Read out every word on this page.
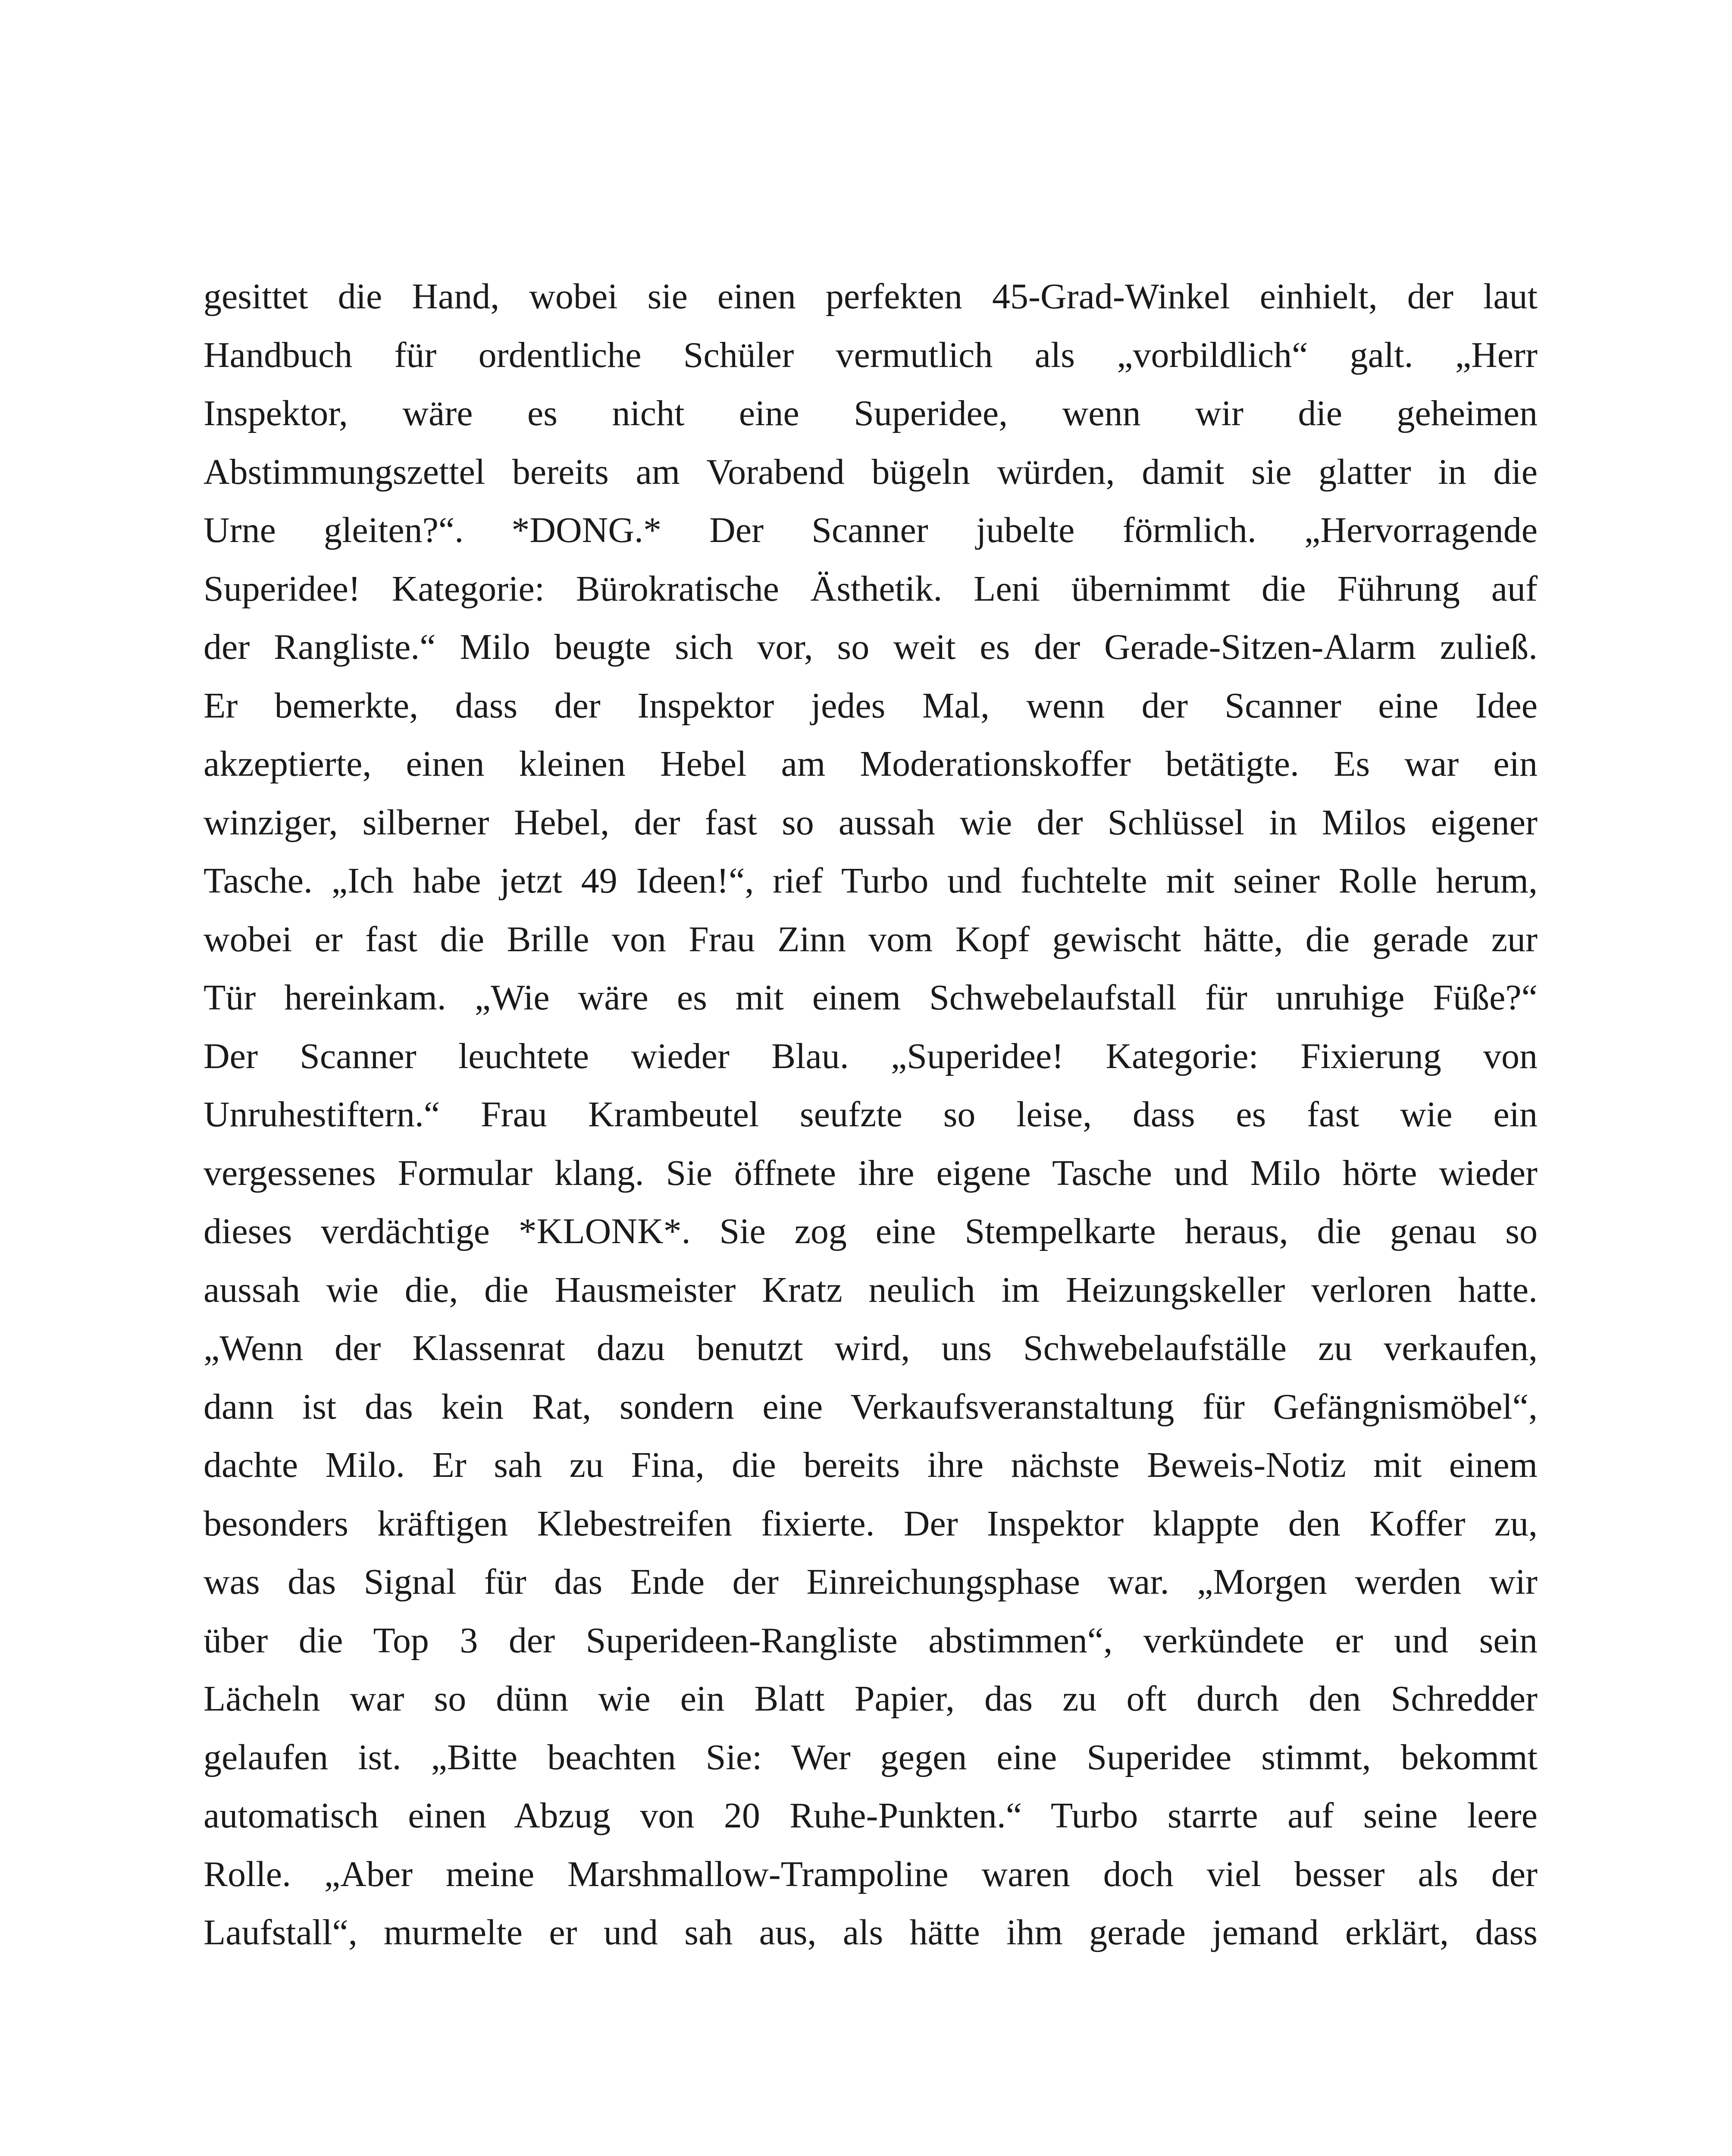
gesittet die Hand, wobei sie einen perfekten 45-Grad-Winkel einhielt, der laut
Handbuch für ordentliche Schüler vermutlich als „vorbildlich“ galt. „Herr
Inspektor, wäre es nicht eine Superidee, wenn wir die geheimen
Abstimmungszettel bereits am Vorabend bügeln würden, damit sie glatter in die
Urne gleiten?“. *DONG.* Der Scanner jubelte förmlich. „Hervorragende
Superidee! Kategorie: Bürokratische Ästhetik. Leni übernimmt die Führung auf
der Rangliste.“ Milo beugte sich vor, so weit es der Gerade-Sitzen-Alarm zuließ.
Er bemerkte, dass der Inspektor jedes Mal, wenn der Scanner eine Idee
akzeptierte, einen kleinen Hebel am Moderationskoffer betätigte. Es war ein
winziger, silberner Hebel, der fast so aussah wie der Schlüssel in Milos eigener
Tasche. „Ich habe jetzt 49 Ideen!“, rief Turbo und fuchtelte mit seiner Rolle herum,
wobei er fast die Brille von Frau Zinn vom Kopf gewischt hätte, die gerade zur
Tür hereinkam. „Wie wäre es mit einem Schwebelaufstall für unruhige Füße?“
Der Scanner leuchtete wieder Blau. „Superidee! Kategorie: Fixierung von
Unruhestiftern.“ Frau Krambeutel seufzte so leise, dass es fast wie ein
vergessenes Formular klang. Sie öffnete ihre eigene Tasche und Milo hörte wieder
dieses verdächtige *KLONK*. Sie zog eine Stempelkarte heraus, die genau so
aussah wie die, die Hausmeister Kratz neulich im Heizungskeller verloren hatte.
„Wenn der Klassenrat dazu benutzt wird, uns Schwebelaufställe zu verkaufen,
dann ist das kein Rat, sondern eine Verkaufsveranstaltung für Gefängnismöbel“,
dachte Milo. Er sah zu Fina, die bereits ihre nächste Beweis-Notiz mit einem
besonders kräftigen Klebestreifen fixierte. Der Inspektor klappte den Koffer zu,
was das Signal für das Ende der Einreichungsphase war. „Morgen werden wir
über die Top 3 der Superideen-Rangliste abstimmen“, verkündete er und sein
Lächeln war so dünn wie ein Blatt Papier, das zu oft durch den Schredder
gelaufen ist. „Bitte beachten Sie: Wer gegen eine Superidee stimmt, bekommt
automatisch einen Abzug von 20 Ruhe-Punkten.“ Turbo starrte auf seine leere
Rolle. „Aber meine Marshmallow-Trampoline waren doch viel besser als der
Laufstall“, murmelte er und sah aus, als hätte ihm gerade jemand erklärt, dass
